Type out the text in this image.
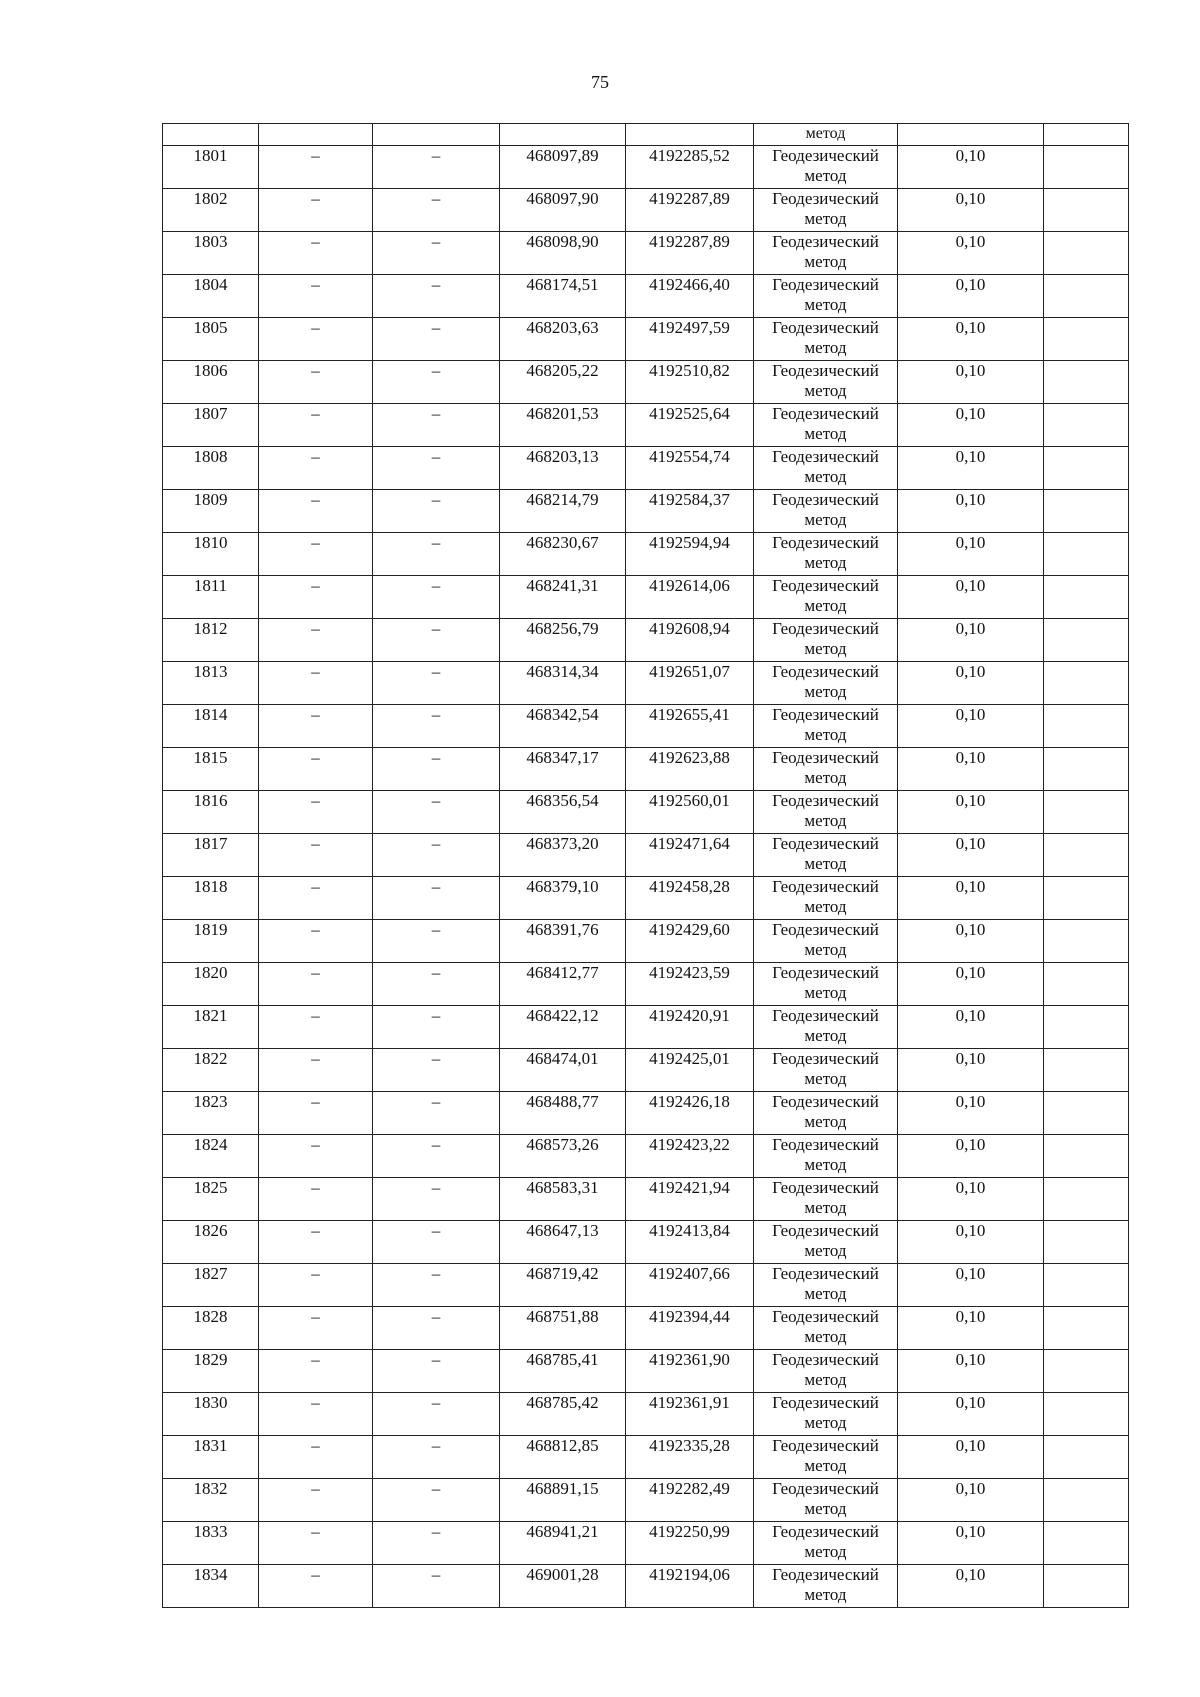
75
					метод		
1801	–	–	468097,89	4192285,52	Геодезический
метод	0,10	
1802	–	–	468097,90	4192287,89	Геодезический
метод	0,10	
1803	–	–	468098,90	4192287,89	Геодезический
метод	0,10	
1804	–	–	468174,51	4192466,40	Геодезический
метод	0,10	
1805	–	–	468203,63	4192497,59	Геодезический
метод	0,10	
1806	–	–	468205,22	4192510,82	Геодезический
метод	0,10	
1807	–	–	468201,53	4192525,64	Геодезический
метод	0,10	
1808	–	–	468203,13	4192554,74	Геодезический
метод	0,10	
1809	–	–	468214,79	4192584,37	Геодезический
метод	0,10	
1810	–	–	468230,67	4192594,94	Геодезический
метод	0,10	
1811	–	–	468241,31	4192614,06	Геодезический
метод	0,10	
1812	–	–	468256,79	4192608,94	Геодезический
метод	0,10	
1813	–	–	468314,34	4192651,07	Геодезический
метод	0,10	
1814	–	–	468342,54	4192655,41	Геодезический
метод	0,10	
1815	–	–	468347,17	4192623,88	Геодезический
метод	0,10	
1816	–	–	468356,54	4192560,01	Геодезический
метод	0,10	
1817	–	–	468373,20	4192471,64	Геодезический
метод	0,10	
1818	–	–	468379,10	4192458,28	Геодезический
метод	0,10	
1819	–	–	468391,76	4192429,60	Геодезический
метод	0,10	
1820	–	–	468412,77	4192423,59	Геодезический
метод	0,10	
1821	–	–	468422,12	4192420,91	Геодезический
метод	0,10	
1822	–	–	468474,01	4192425,01	Геодезический
метод	0,10	
1823	–	–	468488,77	4192426,18	Геодезический
метод	0,10	
1824	–	–	468573,26	4192423,22	Геодезический
метод	0,10	
1825	–	–	468583,31	4192421,94	Геодезический
метод	0,10	
1826	–	–	468647,13	4192413,84	Геодезический
метод	0,10	
1827	–	–	468719,42	4192407,66	Геодезический
метод	0,10	
1828	–	–	468751,88	4192394,44	Геодезический
метод	0,10	
1829	–	–	468785,41	4192361,90	Геодезический
метод	0,10	
1830	–	–	468785,42	4192361,91	Геодезический
метод	0,10	
1831	–	–	468812,85	4192335,28	Геодезический
метод	0,10	
1832	–	–	468891,15	4192282,49	Геодезический
метод	0,10	
1833	–	–	468941,21	4192250,99	Геодезический
метод	0,10	
1834	–	–	469001,28	4192194,06	Геодезический
метод	0,10	
